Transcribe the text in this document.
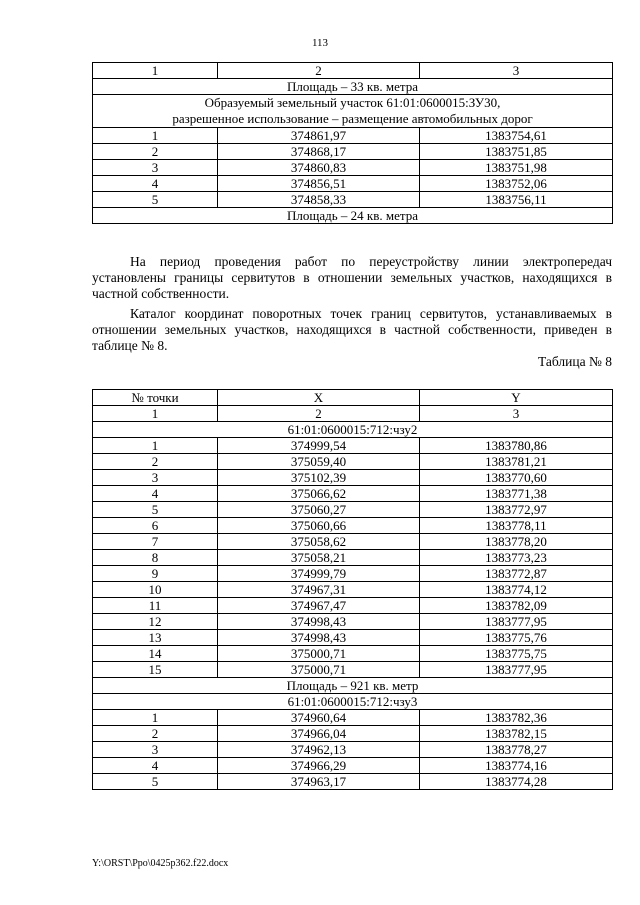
113
1	2	3
Площадь – 33 кв. метра		

Образуемый земельный участок 61:01:0600015:ЗУ30,
разрешенное использование – размещение автомобильных дорог		

1	374861,97	1383754,61
2	374868,17	1383751,85
3	374860,83	1383751,98
4	374856,51	1383752,06
5	374858,33	1383756,11
Площадь – 24 кв. метра		

На период проведения работ по переустройству линии электропередач установлены границы сервитутов в отношении земельных участков, находящихся в частной собственности.

Каталог координат поворотных точек границ сервитутов, устанавливаемых в отношении земельных участков, находящихся в частной собственности, приведен в таблице № 8.

Таблица № 8
№ точки	X	Y
1	2	3
61:01:0600015:712:чзу2		
1	374999,54	1383780,86
2	375059,40	1383781,21
3	375102,39	1383770,60
4	375066,62	1383771,38
5	375060,27	1383772,97
6	375060,66	1383778,11
7	375058,62	1383778,20
8	375058,21	1383773,23
9	374999,79	1383772,87
10	374967,31	1383774,12
11	374967,47	1383782,09
12	374998,43	1383777,95
13	374998,43	1383775,76
14	375000,71	1383775,75
15	375000,71	1383777,95
Площадь – 921 кв. метр		
61:01:0600015:712:чзу3		
1	374960,64	1383782,36
2	374966,04	1383782,15
3	374962,13	1383778,27
4	374966,29	1383774,16
5	374963,17	1383774,28
Y:\ORST\Ppo\0425p362.f22.docx
